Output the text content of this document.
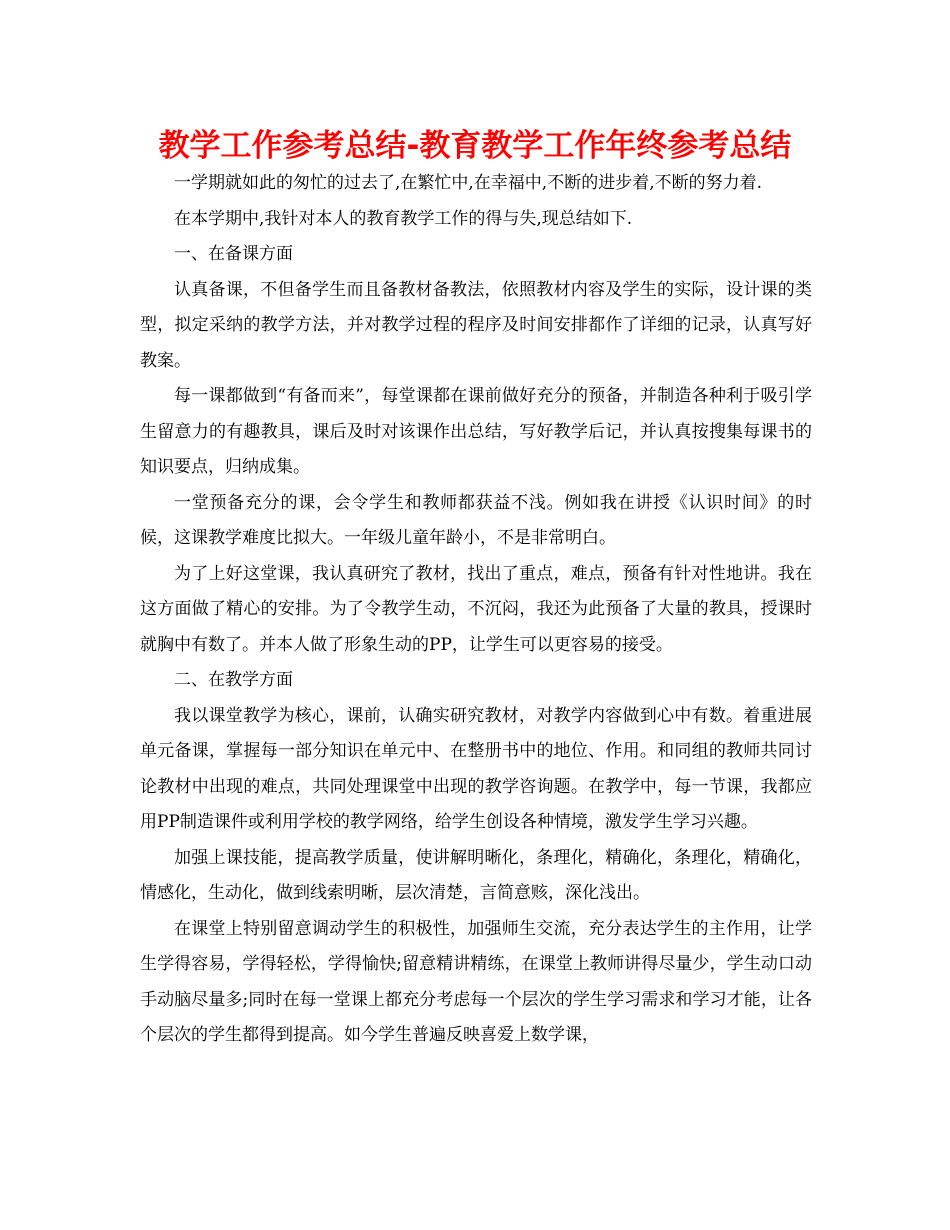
教学工作参考总结-教育教学工作年终参考总结

一学期就如此的匆忙的过去了,在繁忙中,在幸福中,不断的进步着,不断的努力着.

在本学期中,我针对本人的教育教学工作的得与失,现总结如下.

一、在备课方面

认真备课，不但备学生而且备教材备教法，依照教材内容及学生的实际，设计课的类型，拟定采纳的教学方法，并对教学过程的程序及时间安排都作了详细的记录，认真写好教案。

每一课都做到“有备而来”，每堂课都在课前做好充分的预备，并制造各种利于吸引学生留意力的有趣教具，课后及时对该课作出总结，写好教学后记，并认真按搜集每课书的知识要点，归纳成集。

一堂预备充分的课，会令学生和教师都获益不浅。例如我在讲授《认识时间》的时候，这课教学难度比拟大。一年级儿童年龄小，不是非常明白。

为了上好这堂课，我认真研究了教材，找出了重点，难点，预备有针对性地讲。我在这方面做了精心的安排。为了令教学生动，不沉闷，我还为此预备了大量的教具，授课时就胸中有数了。并本人做了形象生动的PP，让学生可以更容易的接受。

二、在教学方面

我以课堂教学为核心，课前，认确实研究教材，对教学内容做到心中有数。着重进展单元备课，掌握每一部分知识在单元中、在整册书中的地位、作用。和同组的教师共同讨论教材中出现的难点，共同处理课堂中出现的教学咨询题。在教学中，每一节课，我都应用PP制造课件或利用学校的教学网络，给学生创设各种情境，激发学生学习兴趣。

加强上课技能，提高教学质量，使讲解明晰化，条理化，精确化，条理化，精确化，情感化，生动化，做到线索明晰，层次清楚，言简意赅，深化浅出。

在课堂上特别留意调动学生的积极性，加强师生交流，充分表达学生的主作用，让学生学得容易，学得轻松，学得愉快;留意精讲精练，在课堂上教师讲得尽量少，学生动口动手动脑尽量多;同时在每一堂课上都充分考虑每一个层次的学生学习需求和学习才能，让各个层次的学生都得到提高。如今学生普遍反映喜爱上数学课，
